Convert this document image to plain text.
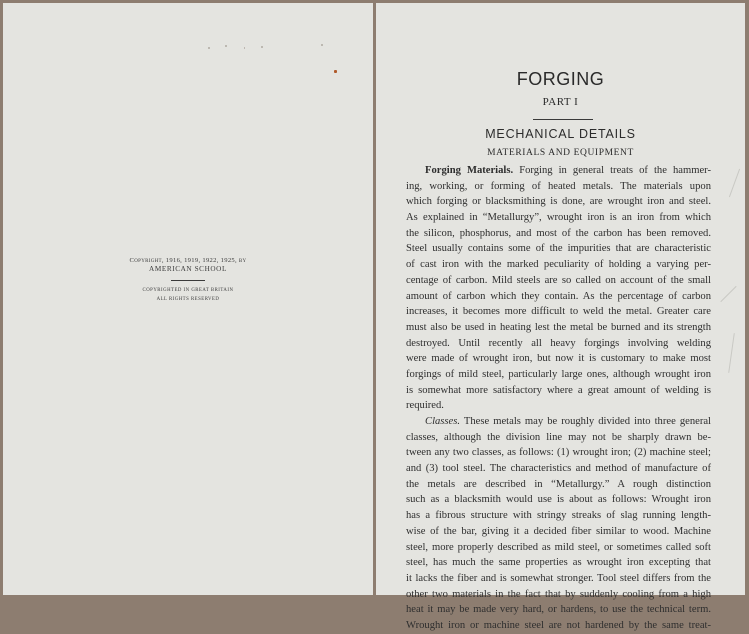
Copyright, 1916, 1919, 1922, 1925, by
AMERICAN SCHOOL
COPYRIGHTED IN GREAT BRITAIN
ALL RIGHTS RESERVED
FORGING
PART I
MECHANICAL DETAILS
MATERIALS AND EQUIPMENT
Forging Materials. Forging in general treats of the hammer-
ing, working, or forming of heated metals. The materials upon
which forging or blacksmithing is done, are wrought iron and steel.
As explained in “Metallurgy”, wrought iron is an iron from which
the silicon, phosphorus, and most of the carbon has been removed.
Steel usually contains some of the impurities that are characteristic
of cast iron with the marked peculiarity of holding a varying per-
centage of carbon. Mild steels are so called on account of the small
amount of carbon which they contain. As the percentage of carbon
increases, it becomes more difficult to weld the metal. Greater care
must also be used in heating lest the metal be burned and its strength
destroyed. Until recently all heavy forgings involving welding
were made of wrought iron, but now it is customary to make most
forgings of mild steel, particularly large ones, although wrought iron
is somewhat more satisfactory where a great amount of welding is
required.
Classes. These metals may be roughly divided into three general
classes, although the division line may not be sharply drawn be-
tween any two classes, as follows: (1) wrought iron; (2) machine steel;
and (3) tool steel. The characteristics and method of manufacture of
the metals are described in “Metallurgy.” A rough distinction
such as a blacksmith would use is about as follows: Wrought iron
has a fibrous structure with stringy streaks of slag running length-
wise of the bar, giving it a decided fiber similar to wood. Machine
steel, more properly described as mild steel, or sometimes called soft
steel, has much the same properties as wrought iron excepting that
it lacks the fiber and is somewhat stronger. Tool steel differs from the
other two materials in the fact that by suddenly cooling from a high
heat it may be made very hard, or hardens, to use the technical term.
Wrought iron or machine steel are not hardened by the same treat-
